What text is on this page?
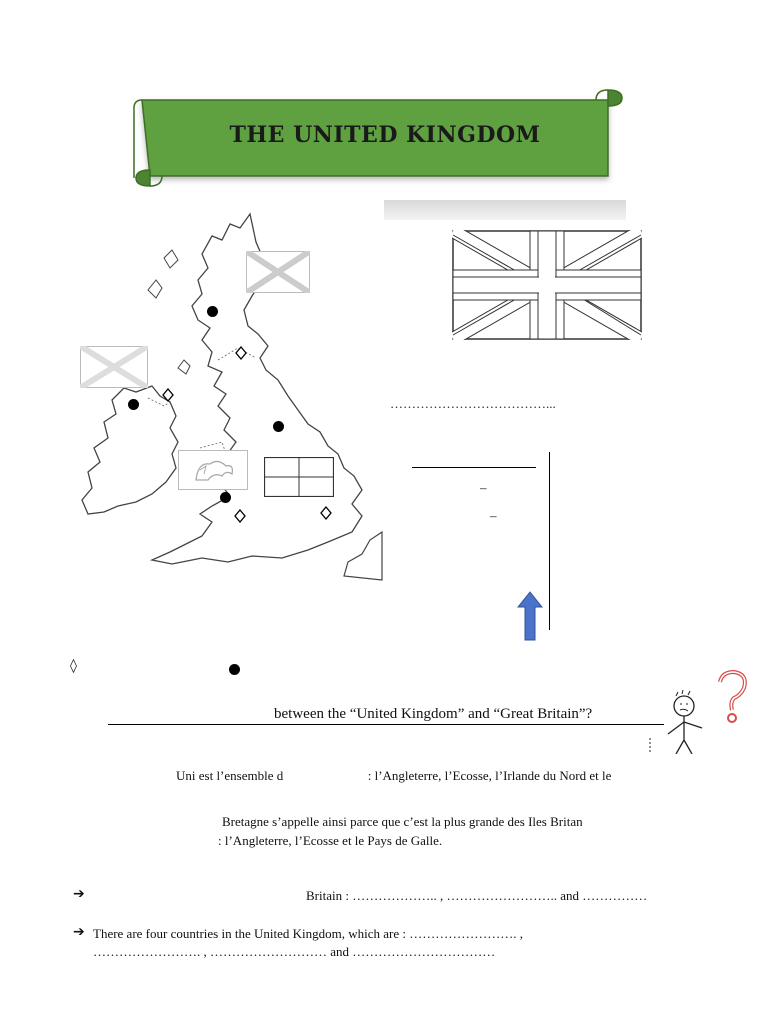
THE UNITED KINGDOM
………………………………...
–
–
◊
between the “United Kingdom” and “Great Britain”?
Uni est l’ensemble d                          : l’Angleterre, l’Ecosse, l’Irlande du Nord et le
Bretagne s’appelle ainsi parce que c’est la plus grande des Iles Britan
: l’Angleterre, l’Ecosse et le Pays de Galle.
➔	Britain : ……………….. , …………………….. and ……………
➔ There are four countries in the United Kingdom, which are : ……………………. ,
……………………. , ……………………… and ……………………………
